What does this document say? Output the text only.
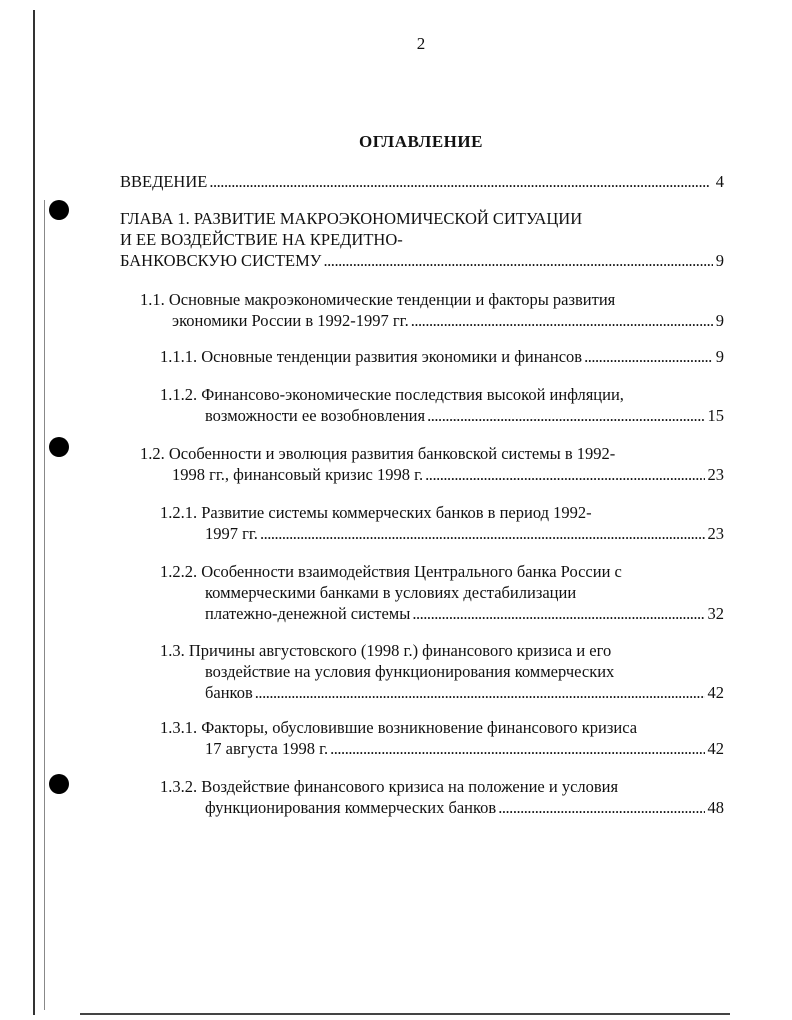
2
ОГЛАВЛЕНИЕ
ВВЕДЕНИЕ . . .	4
ГЛАВА 1. РАЗВИТИЕ МАКРОЭКОНОМИЧЕСКОЙ СИТУАЦИИ
И ЕЕ ВОЗДЕЙСТВИЕ НА КРЕДИТНО-
БАНКОВСКУЮ СИСТЕМУ . . .	9
1.1. Основные макроэкономические тенденции и факторы развития
экономики России в 1992-1997 гг. . . .	9
1.1.1. Основные тенденции развития экономики и финансов . . .	9
1.1.2. Финансово-экономические последствия высокой инфляции,
возможности ее возобновления . . .	15
1.2. Особенности и эволюция развития банковской системы в 1992-
1998 гг., финансовый кризис 1998 г. . . .	23
1.2.1. Развитие системы коммерческих банков в период 1992-
1997 гг. . . .	23
1.2.2. Особенности взаимодействия Центрального банка России с
коммерческими банками в условиях дестабилизации
платежно-денежной системы . . .	32
1.3. Причины августовского (1998 г.) финансового кризиса и его
воздействие на условия функционирования коммерческих
банков . . .	42
1.3.1. Факторы, обусловившие возникновение финансового кризиса
17 августа 1998 г. . . .	42
1.3.2. Воздействие финансового кризиса на положение и условия
функционирования коммерческих банков . . .	48
